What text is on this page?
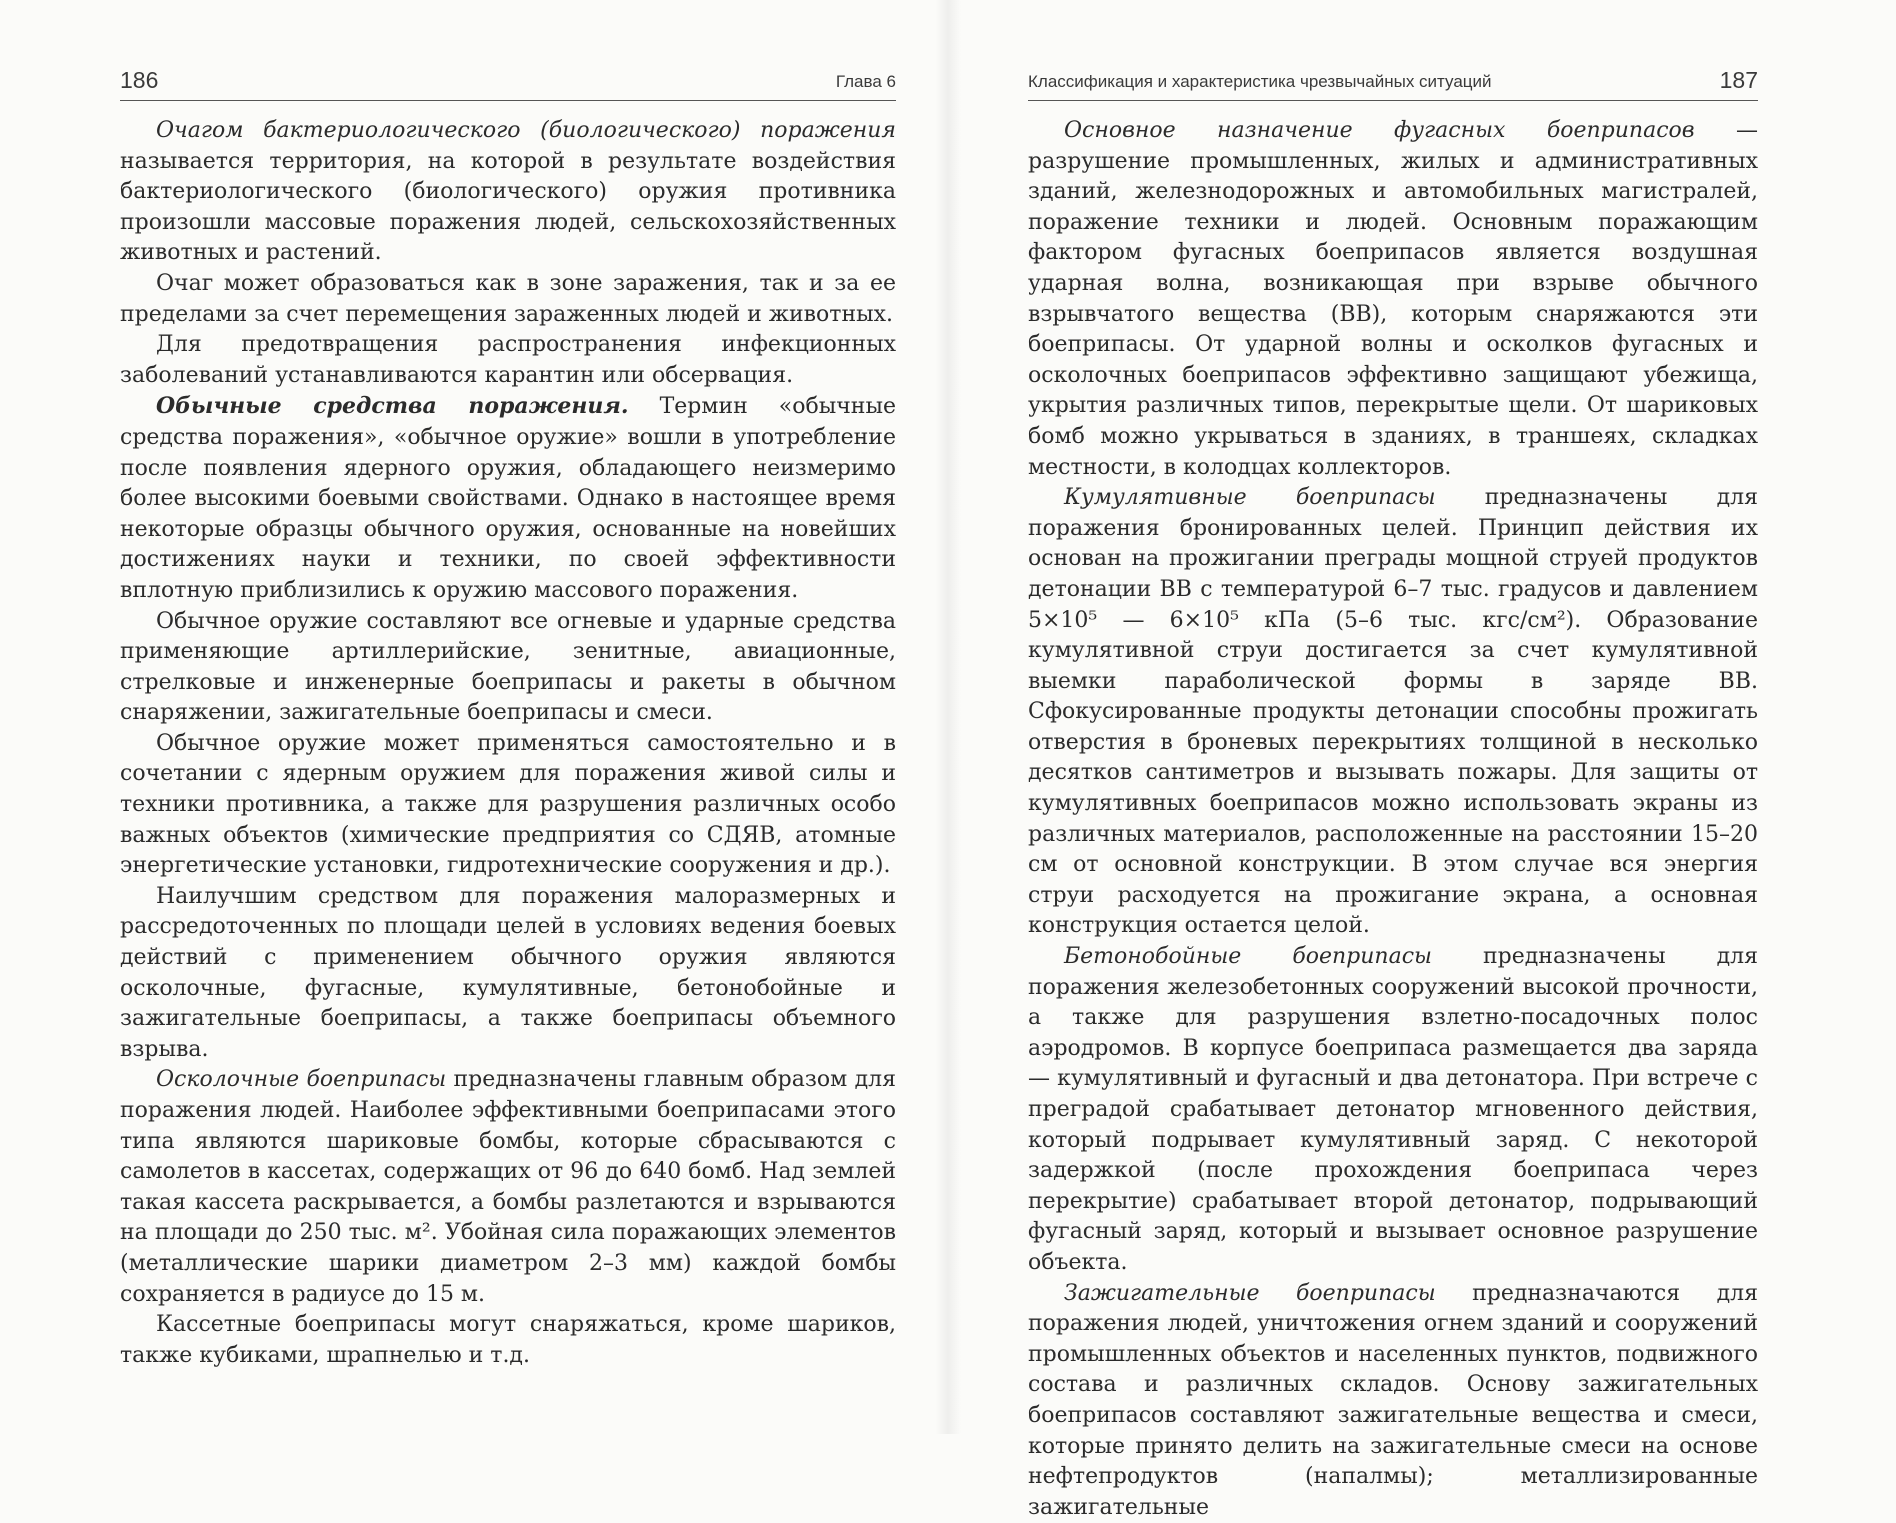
186	Глава 6

Очагом бактериологического (биологического) поражения называется территория, на которой в результате воздействия бактериологического (биологического) оружия противника произошли массовые поражения людей, сельскохозяйственных животных и растений.

Очаг может образоваться как в зоне заражения, так и за ее пределами за счет перемещения зараженных людей и животных.

Для предотвращения распространения инфекционных заболеваний устанавливаются карантин или обсервация.

Обычные средства поражения. Термин «обычные средства поражения», «обычное оружие» вошли в употребление после появления ядерного оружия, обладающего неизмеримо более высокими боевыми свойствами. Однако в настоящее время некоторые образцы обычного оружия, основанные на новейших достижениях науки и техники, по своей эффективности вплотную приблизились к оружию массового поражения.

Обычное оружие составляют все огневые и ударные средства применяющие артиллерийские, зенитные, авиационные, стрелковые и инженерные боеприпасы и ракеты в обычном снаряжении, зажигательные боеприпасы и смеси.

Обычное оружие может применяться самостоятельно и в сочетании с ядерным оружием для поражения живой силы и техники противника, а также для разрушения различных особо важных объектов (химические предприятия со СДЯВ, атомные энергетические установки, гидротехнические сооружения и др.).

Наилучшим средством для поражения малоразмерных и рассредоточенных по площади целей в условиях ведения боевых действий с применением обычного оружия являются осколочные, фугасные, кумулятивные, бетонобойные и зажигательные боеприпасы, а также боеприпасы объемного взрыва.

Осколочные боеприпасы предназначены главным образом для поражения людей. Наиболее эффективными боеприпасами этого типа являются шариковые бомбы, которые сбрасываются с самолетов в кассетах, содержащих от 96 до 640 бомб. Над землей такая кассета раскрывается, а бомбы разлетаются и взрываются на площади до 250 тыс. м². Убойная сила поражающих элементов (металлические шарики диаметром 2–3 мм) каждой бомбы сохраняется в радиусе до 15 м.

Кассетные боеприпасы могут снаряжаться, кроме шариков, также кубиками, шрапнелью и т.д.

Классификация и характеристика чрезвычайных ситуаций	187

Основное назначение фугасных боеприпасов — разрушение промышленных, жилых и административных зданий, железнодорожных и автомобильных магистралей, поражение техники и людей. Основным поражающим фактором фугасных боеприпасов является воздушная ударная волна, возникающая при взрыве обычного взрывчатого вещества (ВВ), которым снаряжаются эти боеприпасы. От ударной волны и осколков фугасных и осколочных боеприпасов эффективно защищают убежища, укрытия различных типов, перекрытые щели. От шариковых бомб можно укрываться в зданиях, в траншеях, складках местности, в колодцах коллекторов.

Кумулятивные боеприпасы предназначены для поражения бронированных целей. Принцип действия их основан на прожигании преграды мощной струей продуктов детонации ВВ с температурой 6–7 тыс. градусов и давлением 5×10⁵ — 6×10⁵ кПа (5–6 тыс. кгс/см²). Образование кумулятивной струи достигается за счет кумулятивной выемки параболической формы в заряде ВВ. Сфокусированные продукты детонации способны прожигать отверстия в броневых перекрытиях толщиной в несколько десятков сантиметров и вызывать пожары. Для защиты от кумулятивных боеприпасов можно использовать экраны из различных материалов, расположенные на расстоянии 15–20 см от основной конструкции. В этом случае вся энергия струи расходуется на прожигание экрана, а основная конструкция остается целой.

Бетонобойные боеприпасы предназначены для поражения железобетонных сооружений высокой прочности, а также для разрушения взлетно-посадочных полос аэродромов. В корпусе боеприпаса размещается два заряда — кумулятивный и фугасный и два детонатора. При встрече с преградой срабатывает детонатор мгновенного действия, который подрывает кумулятивный заряд. С некоторой задержкой (после прохождения боеприпаса через перекрытие) срабатывает второй детонатор, подрывающий фугасный заряд, который и вызывает основное разрушение объекта.

Зажигательные боеприпасы предназначаются для поражения людей, уничтожения огнем зданий и сооружений промышленных объектов и населенных пунктов, подвижного состава и различных складов. Основу зажигательных боеприпасов составляют зажигательные вещества и смеси, которые принято делить на зажигательные смеси на основе нефтепродуктов (напалмы); металлизированные зажигательные
